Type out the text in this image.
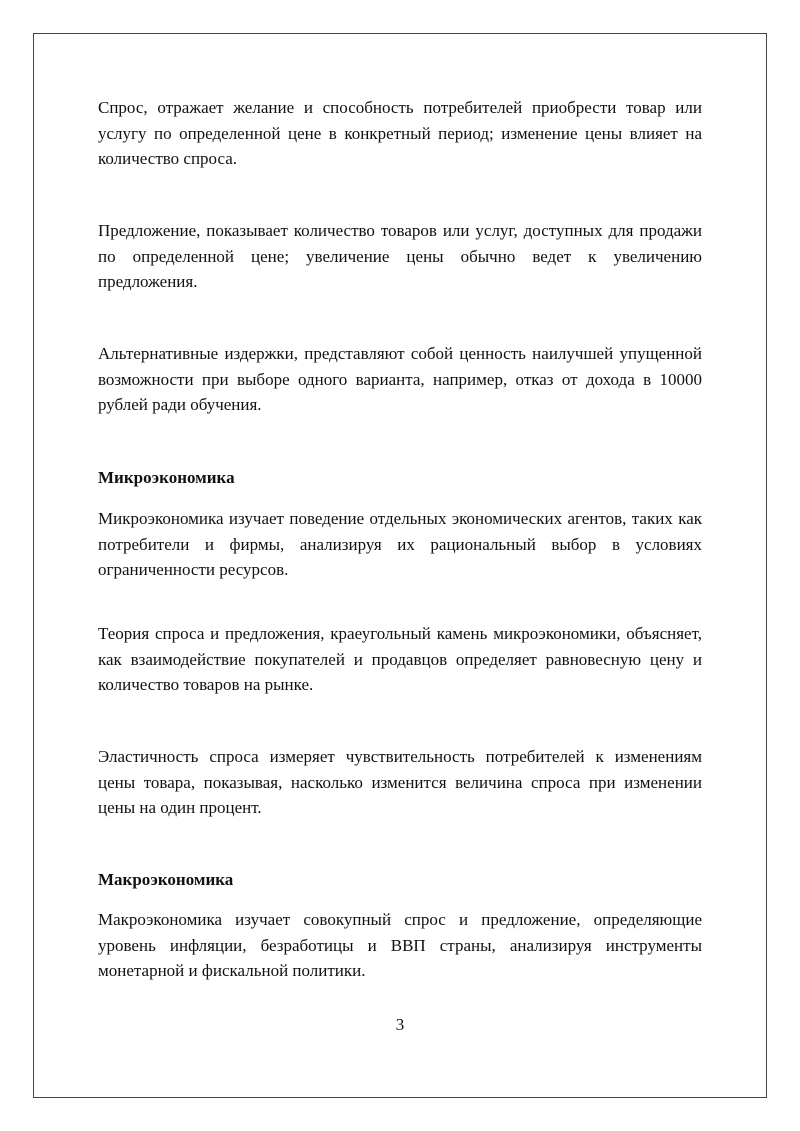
Спрос, отражает желание и способность потребителей приобрести товар или услугу по определенной цене в конкретный период; изменение цены влияет на количество спроса.

Предложение, показывает количество товаров или услуг, доступных для продажи по определенной цене; увеличение цены обычно ведет к увеличению предложения.

Альтернативные издержки, представляют собой ценность наилучшей упущенной возможности при выборе одного варианта, например, отказ от дохода в 10000 рублей ради обучения.

Микроэкономика

Микроэкономика изучает поведение отдельных экономических агентов, таких как потребители и фирмы, анализируя их рациональный выбор в условиях ограниченности ресурсов.

Теория спроса и предложения, краеугольный камень микроэкономики, объясняет, как взаимодействие покупателей и продавцов определяет равновесную цену и количество товаров на рынке.

Эластичность спроса измеряет чувствительность потребителей к изменениям цены товара, показывая, насколько изменится величина спроса при изменении цены на один процент.

Макроэкономика

Макроэкономика изучает совокупный спрос и предложение, определяющие уровень инфляции, безработицы и ВВП страны, анализируя инструменты монетарной и фискальной политики.

3
